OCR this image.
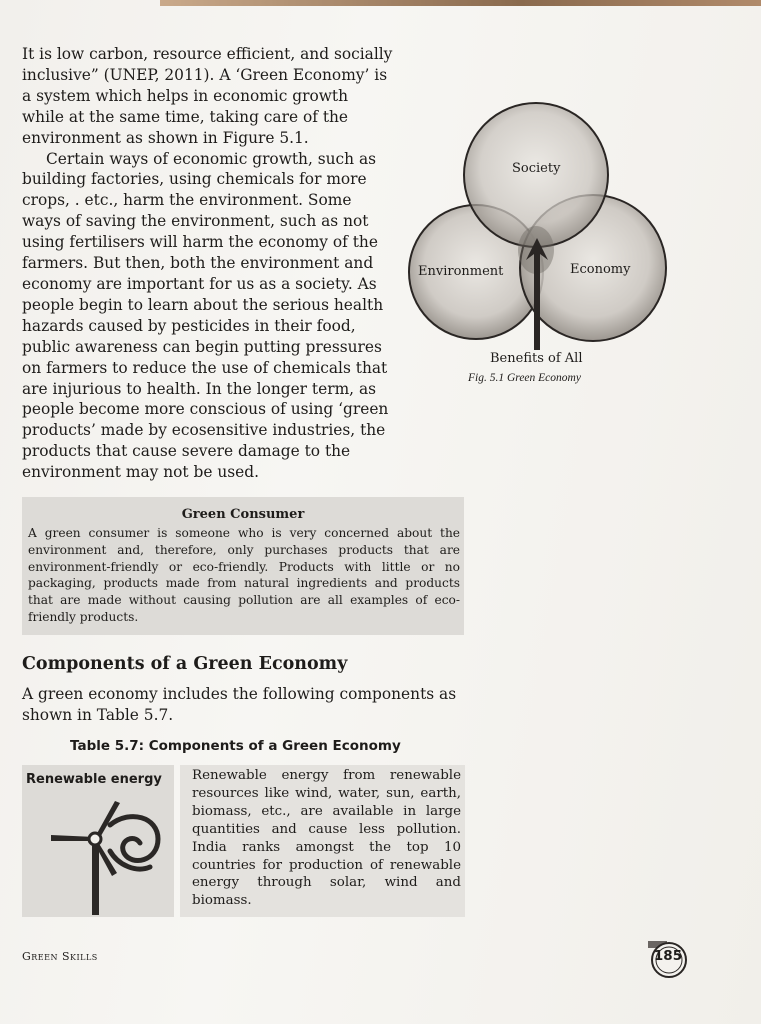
It is low carbon, resource efficient, and socially inclusive” (UNEP, 2011). A ‘Green Economy’ is a system which helps in economic growth while at the same time, taking care of the environment as shown in Figure 5.1.

Certain ways of economic growth, such as building factories, using chemicals for more crops, . etc., harm the environment. Some ways of saving the environment, such as not using fertilisers will harm the economy of the farmers. But then, both the environment and economy are important for us as a society. As people begin to learn about the serious health hazards caused by pesticides in their food, public awareness can begin putting pressures on farmers to reduce the use of chemicals that are injurious to health. In the longer term, as people become more conscious of using ‘green products’ made by ecosensitive industries, the products that cause severe damage to the environment may not be used.

Society
Environment	Economy
Benefits of All
Fig. 5.1 Green Economy
Green Consumer

A green consumer is someone who is very concerned about the environment and, therefore, only purchases products that are environment-friendly or eco-friendly. Products with little or no packaging, products made from natural ingredients and products that are made without causing pollution are all examples of eco-friendly products.

Components of a Green Economy

A green economy includes the following components as shown in Table 5.7.

Table 5.7: Components of a Green Economy
Renewable energy Renewable energy from renewable resources like wind, water, sun, earth, biomass, etc., are available in large quantities and cause less pollution. India ranks amongst the top 10 countries for production of renewable energy through solar, wind and biomass.

Green Skills	185
